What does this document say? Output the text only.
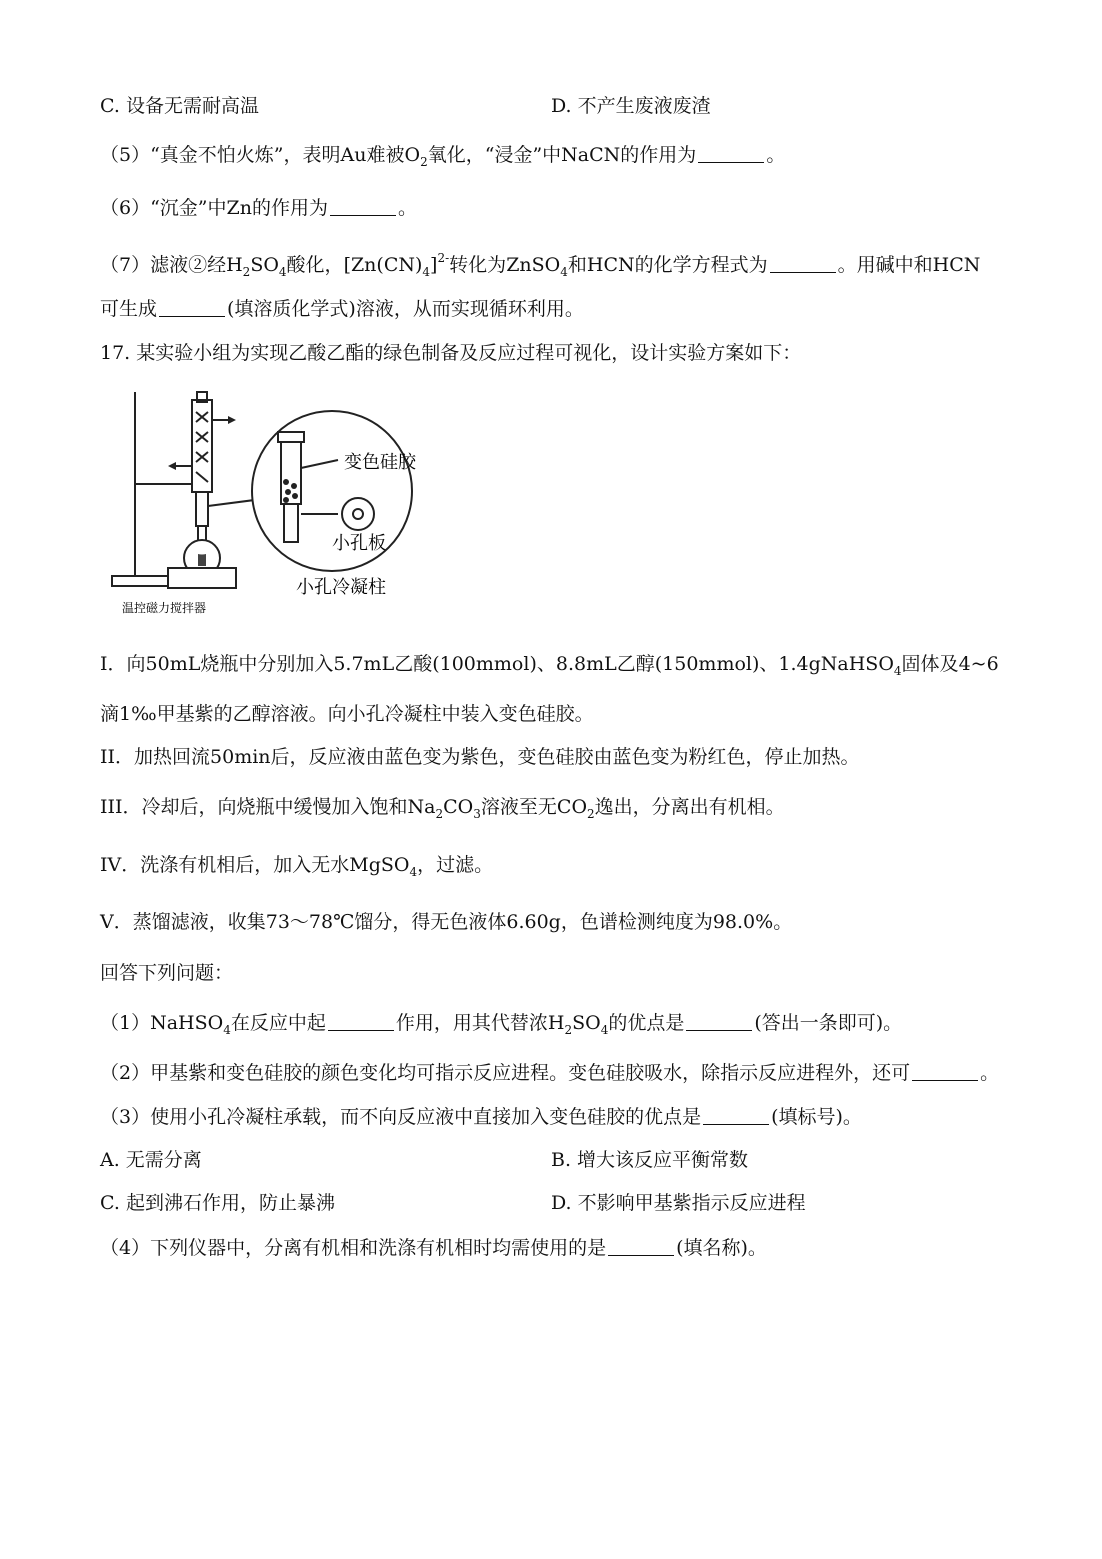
C. 设备无需耐高温	D. 不产生废液废渣
（5）“真金不怕火炼”，表明Au难被$O_2$氧化，“浸金”中NaCN的作用为	。
（6）“沉金”中Zn的作用为	。
（7）滤液②经$H_2SO_4$酸化，$[Zn(CN)_4]^{2-}$转化为ZnSO$_4$和HCN的化学方程式为	。用碱中和HCN
可生成	(填溶质化学式)溶液，从而实现循环利用。
17. 某实验小组为实现乙酸乙酯的绿色制备及反应过程可视化，设计实验方案如下：
变色硅胶
小孔板
小孔冷凝柱
温控磁力搅拌器
I．向50mL烧瓶中分别加入5.7mL乙酸(100mmol)、8.8mL乙醇(150mmol)、1.4gNaHSO$_4$固体及4~6
滴1‰甲基紫的乙醇溶液。向小孔冷凝柱中装入变色硅胶。
II．加热回流50min后，反应液由蓝色变为紫色，变色硅胶由蓝色变为粉红色，停止加热。
III．冷却后，向烧瓶中缓慢加入饱和$Na_2CO_3$溶液至无$CO_2$逸出，分离出有机相。
IV．洗涤有机相后，加入无水MgSO$_4$，过滤。
V．蒸馏滤液，收集73～78℃馏分，得无色液体6.60g，色谱检测纯度为98.0%。
回答下列问题：
（1）NaHSO$_4$在反应中起	作用，用其代替浓$H_2SO_4$的优点是	(答出一条即可)。
（2）甲基紫和变色硅胶的颜色变化均可指示反应进程。变色硅胶吸水，除指示反应进程外，还可	。
（3）使用小孔冷凝柱承载，而不向反应液中直接加入变色硅胶的优点是	(填标号)。
A. 无需分离	B. 增大该反应平衡常数
C. 起到沸石作用，防止暴沸	D. 不影响甲基紫指示反应进程
（4）下列仪器中，分离有机相和洗涤有机相时均需使用的是	(填名称)。
